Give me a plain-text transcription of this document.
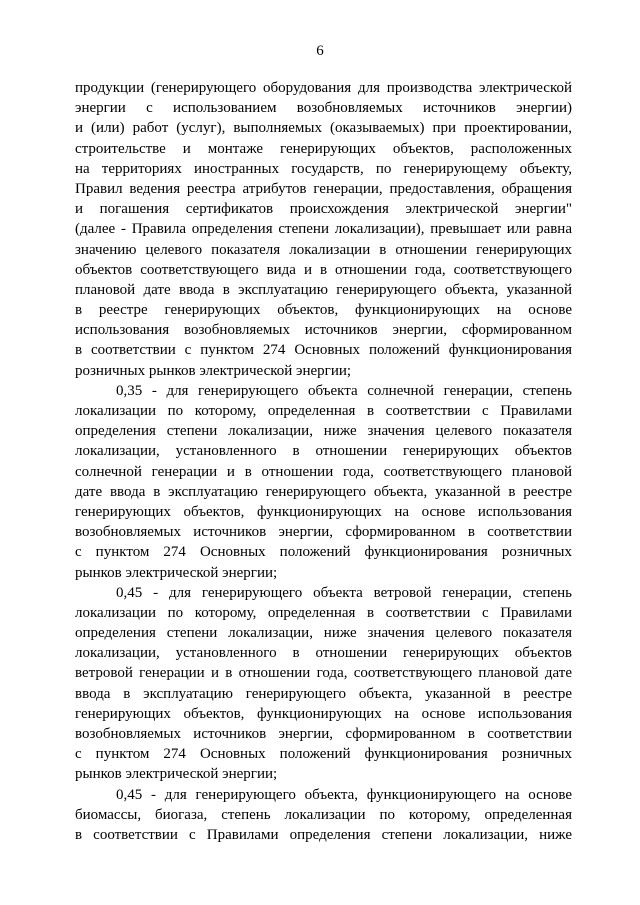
6
продукции (генерирующего оборудования для производства электрической
энергии с использованием возобновляемых источников энергии)
и (или) работ (услуг), выполняемых (оказываемых) при проектировании,
строительстве и монтаже генерирующих объектов, расположенных
на территориях иностранных государств, по генерирующему объекту,
Правил ведения реестра атрибутов генерации, предоставления, обращения
и погашения сертификатов происхождения электрической энергии"
(далее - Правила определения степени локализации), превышает или равна
значению целевого показателя локализации в отношении генерирующих
объектов соответствующего вида и в отношении года, соответствующего
плановой дате ввода в эксплуатацию генерирующего объекта, указанной
в реестре генерирующих объектов, функционирующих на основе
использования возобновляемых источников энергии, сформированном
в соответствии с пунктом 274 Основных положений функционирования
розничных рынков электрической энергии;
0,35 - для генерирующего объекта солнечной генерации, степень
локализации по которому, определенная в соответствии с Правилами
определения степени локализации, ниже значения целевого показателя
локализации, установленного в отношении генерирующих объектов
солнечной генерации и в отношении года, соответствующего плановой
дате ввода в эксплуатацию генерирующего объекта, указанной в реестре
генерирующих объектов, функционирующих на основе использования
возобновляемых источников энергии, сформированном в соответствии
с пунктом 274 Основных положений функционирования розничных
рынков электрической энергии;
0,45 - для генерирующего объекта ветровой генерации, степень
локализации по которому, определенная в соответствии с Правилами
определения степени локализации, ниже значения целевого показателя
локализации, установленного в отношении генерирующих объектов
ветровой генерации и в отношении года, соответствующего плановой дате
ввода в эксплуатацию генерирующего объекта, указанной в реестре
генерирующих объектов, функционирующих на основе использования
возобновляемых источников энергии, сформированном в соответствии
с пунктом 274 Основных положений функционирования розничных
рынков электрической энергии;
0,45 - для генерирующего объекта, функционирующего на основе
биомассы, биогаза, степень локализации по которому, определенная
в соответствии с Правилами определения степени локализации, ниже
